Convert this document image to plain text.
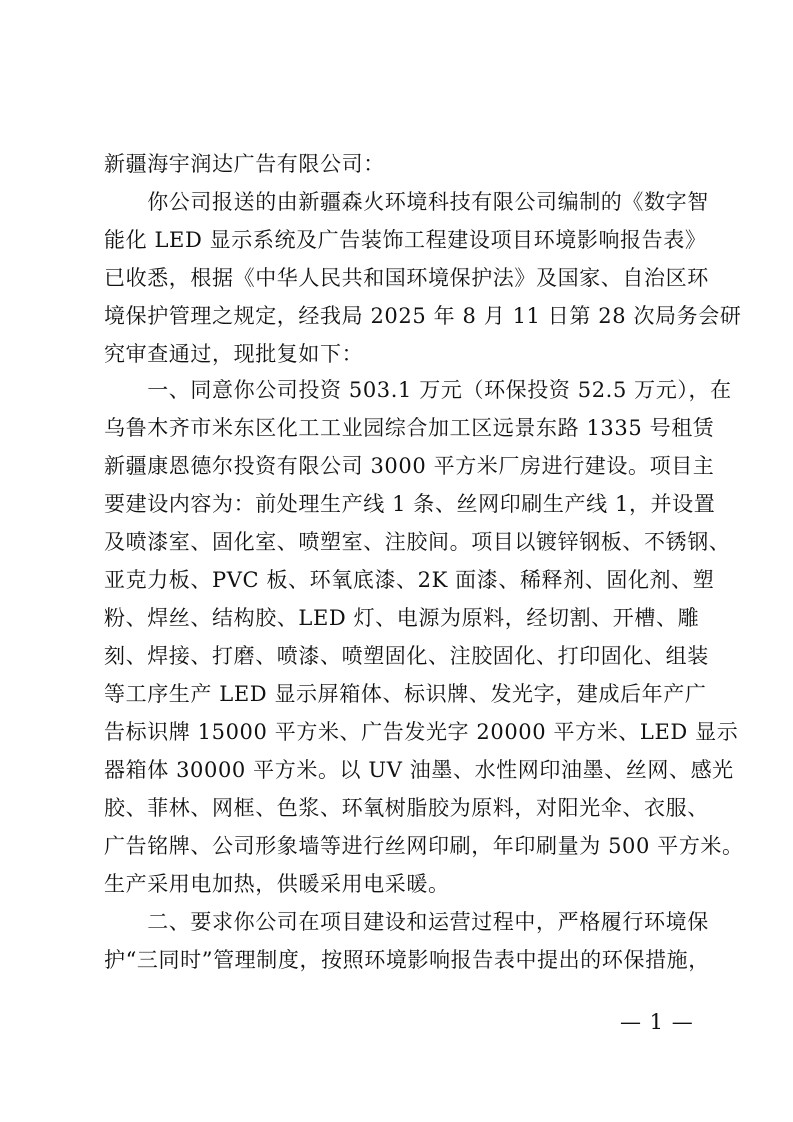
新疆海宇润达广告有限公司：
　　你公司报送的由新疆森火环境科技有限公司编制的《数字智
能化 LED 显示系统及广告装饰工程建设项目环境影响报告表》
已收悉，根据《中华人民共和国环境保护法》及国家、自治区环
境保护管理之规定，经我局 2025 年 8 月 11 日第 28 次局务会研
究审查通过，现批复如下：
　　一、同意你公司投资 503.1 万元（环保投资 52.5 万元），在
乌鲁木齐市米东区化工工业园综合加工区远景东路 1335 号租赁
新疆康恩德尔投资有限公司 3000 平方米厂房进行建设。项目主
要建设内容为：前处理生产线 1 条、丝网印刷生产线 1，并设置
及喷漆室、固化室、喷塑室、注胶间。项目以镀锌钢板、不锈钢、
亚克力板、PVC 板、环氧底漆、2K 面漆、稀释剂、固化剂、塑
粉、焊丝、结构胶、LED 灯、电源为原料，经切割、开槽、雕
刻、焊接、打磨、喷漆、喷塑固化、注胶固化、打印固化、组装
等工序生产 LED 显示屏箱体、标识牌、发光字，建成后年产广
告标识牌 15000 平方米、广告发光字 20000 平方米、LED 显示
器箱体 30000 平方米。以 UV 油墨、水性网印油墨、丝网、感光
胶、菲林、网框、色浆、环氧树脂胶为原料，对阳光伞、衣服、
广告铭牌、公司形象墙等进行丝网印刷，年印刷量为 500 平方米。
生产采用电加热，供暖采用电采暖。
　　二、要求你公司在项目建设和运营过程中，严格履行环境保
护“三同时”管理制度，按照环境影响报告表中提出的环保措施，
— 1 —
